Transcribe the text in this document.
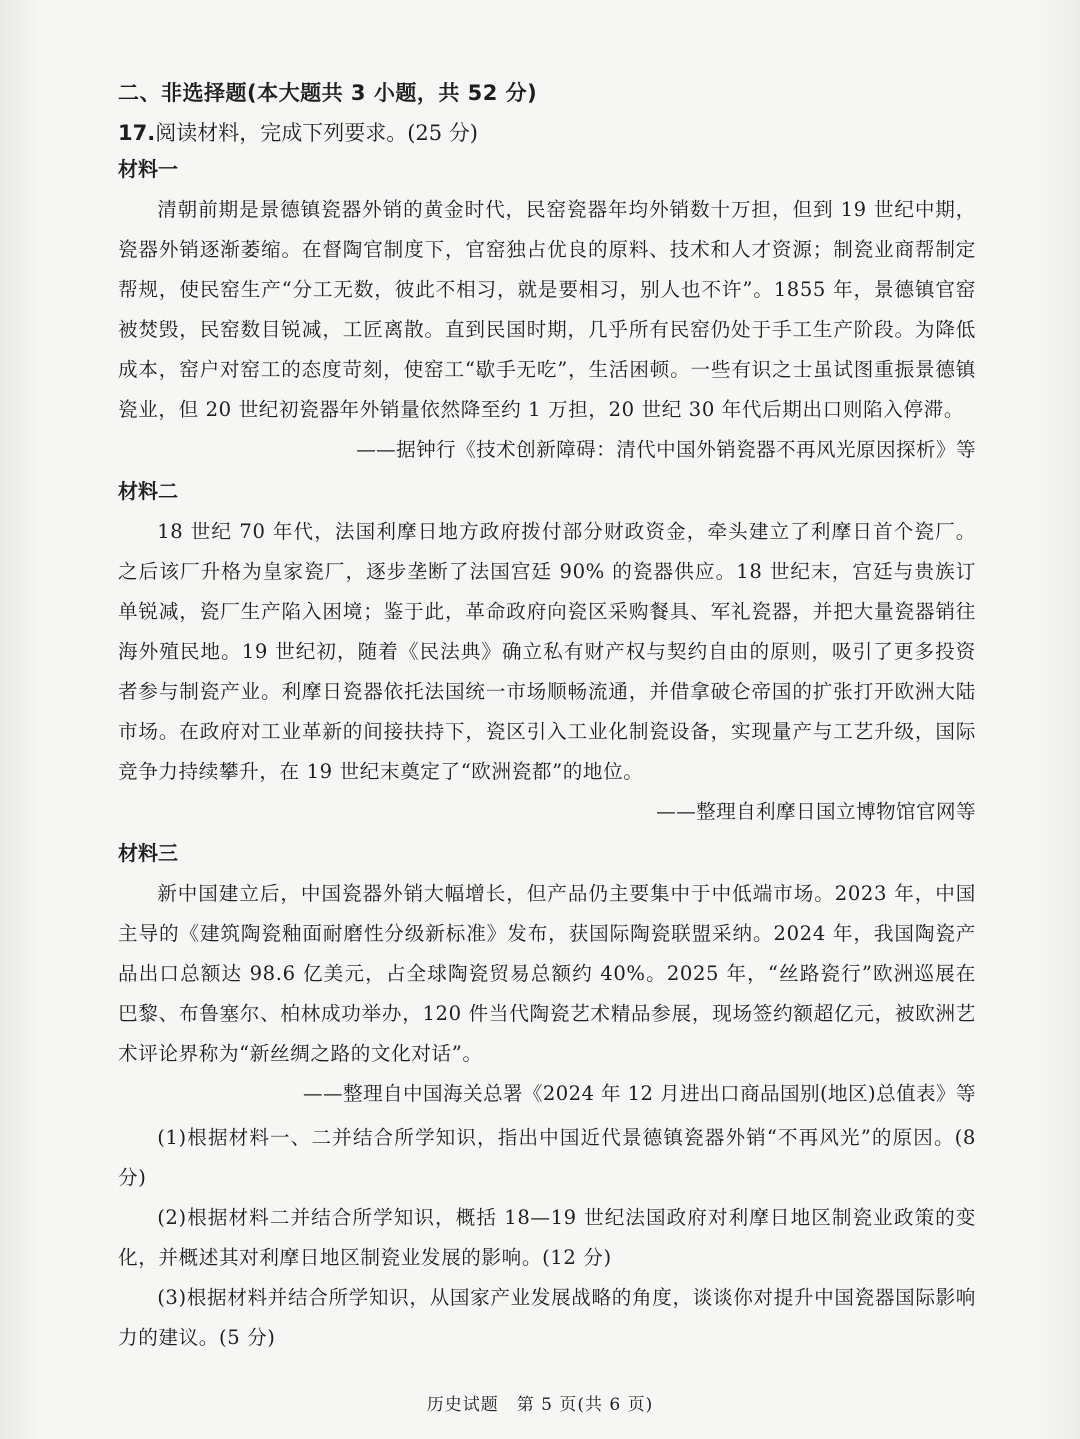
二、非选择题(本大题共 3 小题，共 52 分)
17.阅读材料，完成下列要求。(25 分)
材料一

清朝前期是景德镇瓷器外销的黄金时代，民窑瓷器年均外销数十万担，但到 19 世纪中期，瓷器外销逐渐萎缩。在督陶官制度下，官窑独占优良的原料、技术和人才资源；制瓷业商帮制定帮规，使民窑生产“分工无数，彼此不相习，就是要相习，别人也不许”。1855 年，景德镇官窑被焚毁，民窑数目锐减，工匠离散。直到民国时期，几乎所有民窑仍处于手工生产阶段。为降低成本，窑户对窑工的态度苛刻，使窑工“歇手无吃”，生活困顿。一些有识之士虽试图重振景德镇瓷业，但 20 世纪初瓷器年外销量依然降至约 1 万担，20 世纪 30 年代后期出口则陷入停滞。

——据钟行《技术创新障碍：清代中国外销瓷器不再风光原因探析》等

材料二

18 世纪 70 年代，法国利摩日地方政府拨付部分财政资金，牵头建立了利摩日首个瓷厂。之后该厂升格为皇家瓷厂，逐步垄断了法国宫廷 90% 的瓷器供应。18 世纪末，宫廷与贵族订单锐减，瓷厂生产陷入困境；鉴于此，革命政府向瓷区采购餐具、军礼瓷器，并把大量瓷器销往海外殖民地。19 世纪初，随着《民法典》确立私有财产权与契约自由的原则，吸引了更多投资者参与制瓷产业。利摩日瓷器依托法国统一市场顺畅流通，并借拿破仑帝国的扩张打开欧洲大陆市场。在政府对工业革新的间接扶持下，瓷区引入工业化制瓷设备，实现量产与工艺升级，国际竞争力持续攀升，在 19 世纪末奠定了“欧洲瓷都”的地位。

——整理自利摩日国立博物馆官网等

材料三

新中国建立后，中国瓷器外销大幅增长，但产品仍主要集中于中低端市场。2023 年，中国主导的《建筑陶瓷釉面耐磨性分级新标准》发布，获国际陶瓷联盟采纳。2024 年，我国陶瓷产品出口总额达 98.6 亿美元，占全球陶瓷贸易总额约 40%。2025 年，“丝路瓷行”欧洲巡展在巴黎、布鲁塞尔、柏林成功举办，120 件当代陶瓷艺术精品参展，现场签约额超亿元，被欧洲艺术评论界称为“新丝绸之路的文化对话”。

——整理自中国海关总署《2024 年 12 月进出口商品国别(地区)总值表》等

(1)根据材料一、二并结合所学知识，指出中国近代景德镇瓷器外销“不再风光”的原因。(8 分)

(2)根据材料二并结合所学知识，概括 18—19 世纪法国政府对利摩日地区制瓷业政策的变化，并概述其对利摩日地区制瓷业发展的影响。(12 分)

(3)根据材料并结合所学知识，从国家产业发展战略的角度，谈谈你对提升中国瓷器国际影响力的建议。(5 分)

历史试题　第 5 页(共 6 页)
